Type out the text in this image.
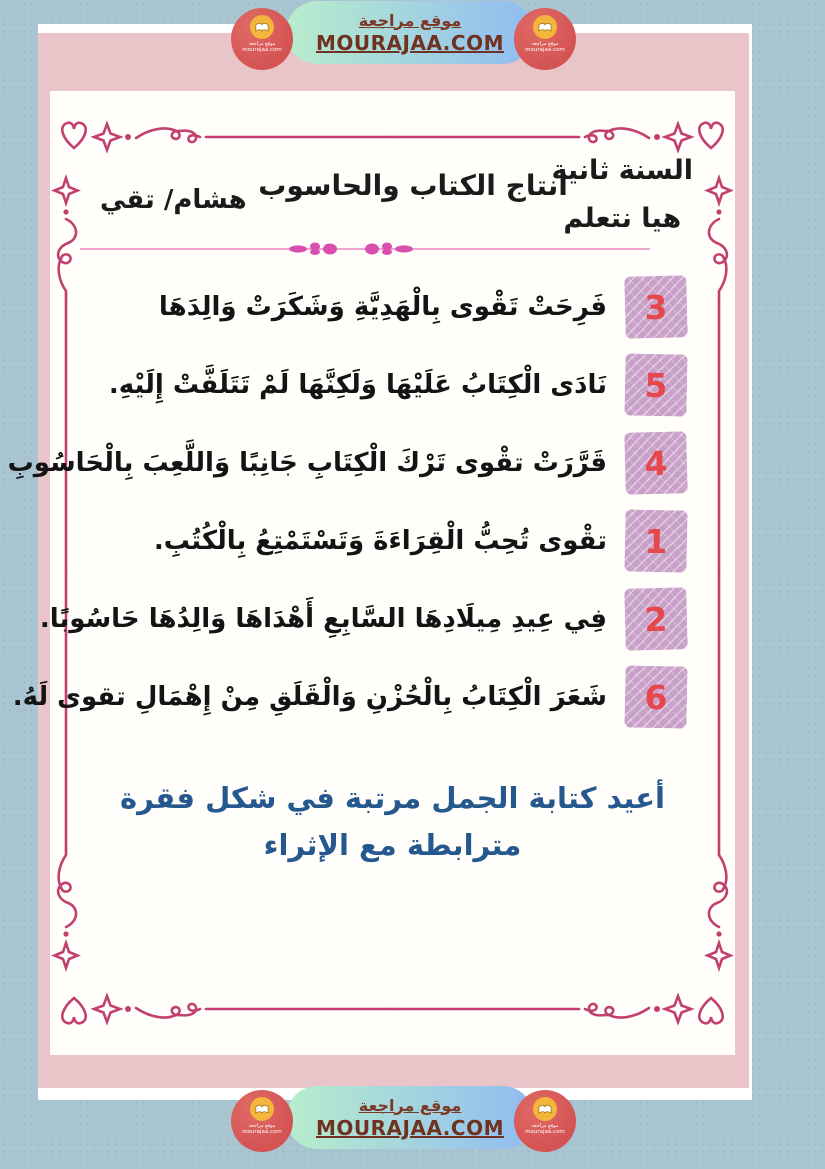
السنة ثانية
هيا نتعلم
انتاج الكتاب والحاسوب
هشام/ تقي
3
فَرِحَتْ تَقْوى بِالْهَدِيَّةِ وَشَكَرَتْ وَالِدَهَا
5
نَادَى الْكِتَابُ عَلَيْهَا وَلَكِنَّهَا لَمْ تَتَلَفَّتْ إِلَيْهِ.
4
قَرَّرَتْ تقْوى تَرْكَ الْكِتَابِ جَانِبًا وَاللَّعِبَ بِالْحَاسُوبِ
1
تقْوى تُحِبُّ الْقِرَاءَةَ وَتَسْتَمْتِعُ بِالْكُتُبِ.
2
فِي عِيدِ مِيلَادِهَا السَّابِعِ أَهْدَاهَا وَالِدُهَا حَاسُوبًا.
6
شَعَرَ الْكِتَابُ بِالْحُزْنِ وَالْقَلَقِ مِنْ إِهْمَالِ تقوى لَهُ.
أعيد كتابة الجمل مرتبة في شكل فقرة
مترابطة مع الإثراء
موقع مراجعة
MOURAJAA.COM
موقع مراجعة
MOURAJAA.COM
موقع مراجعة
mourajaa.com
موقع مراجعة
mourajaa.com
موقع مراجعة
mourajaa.com
موقع مراجعة
mourajaa.com
